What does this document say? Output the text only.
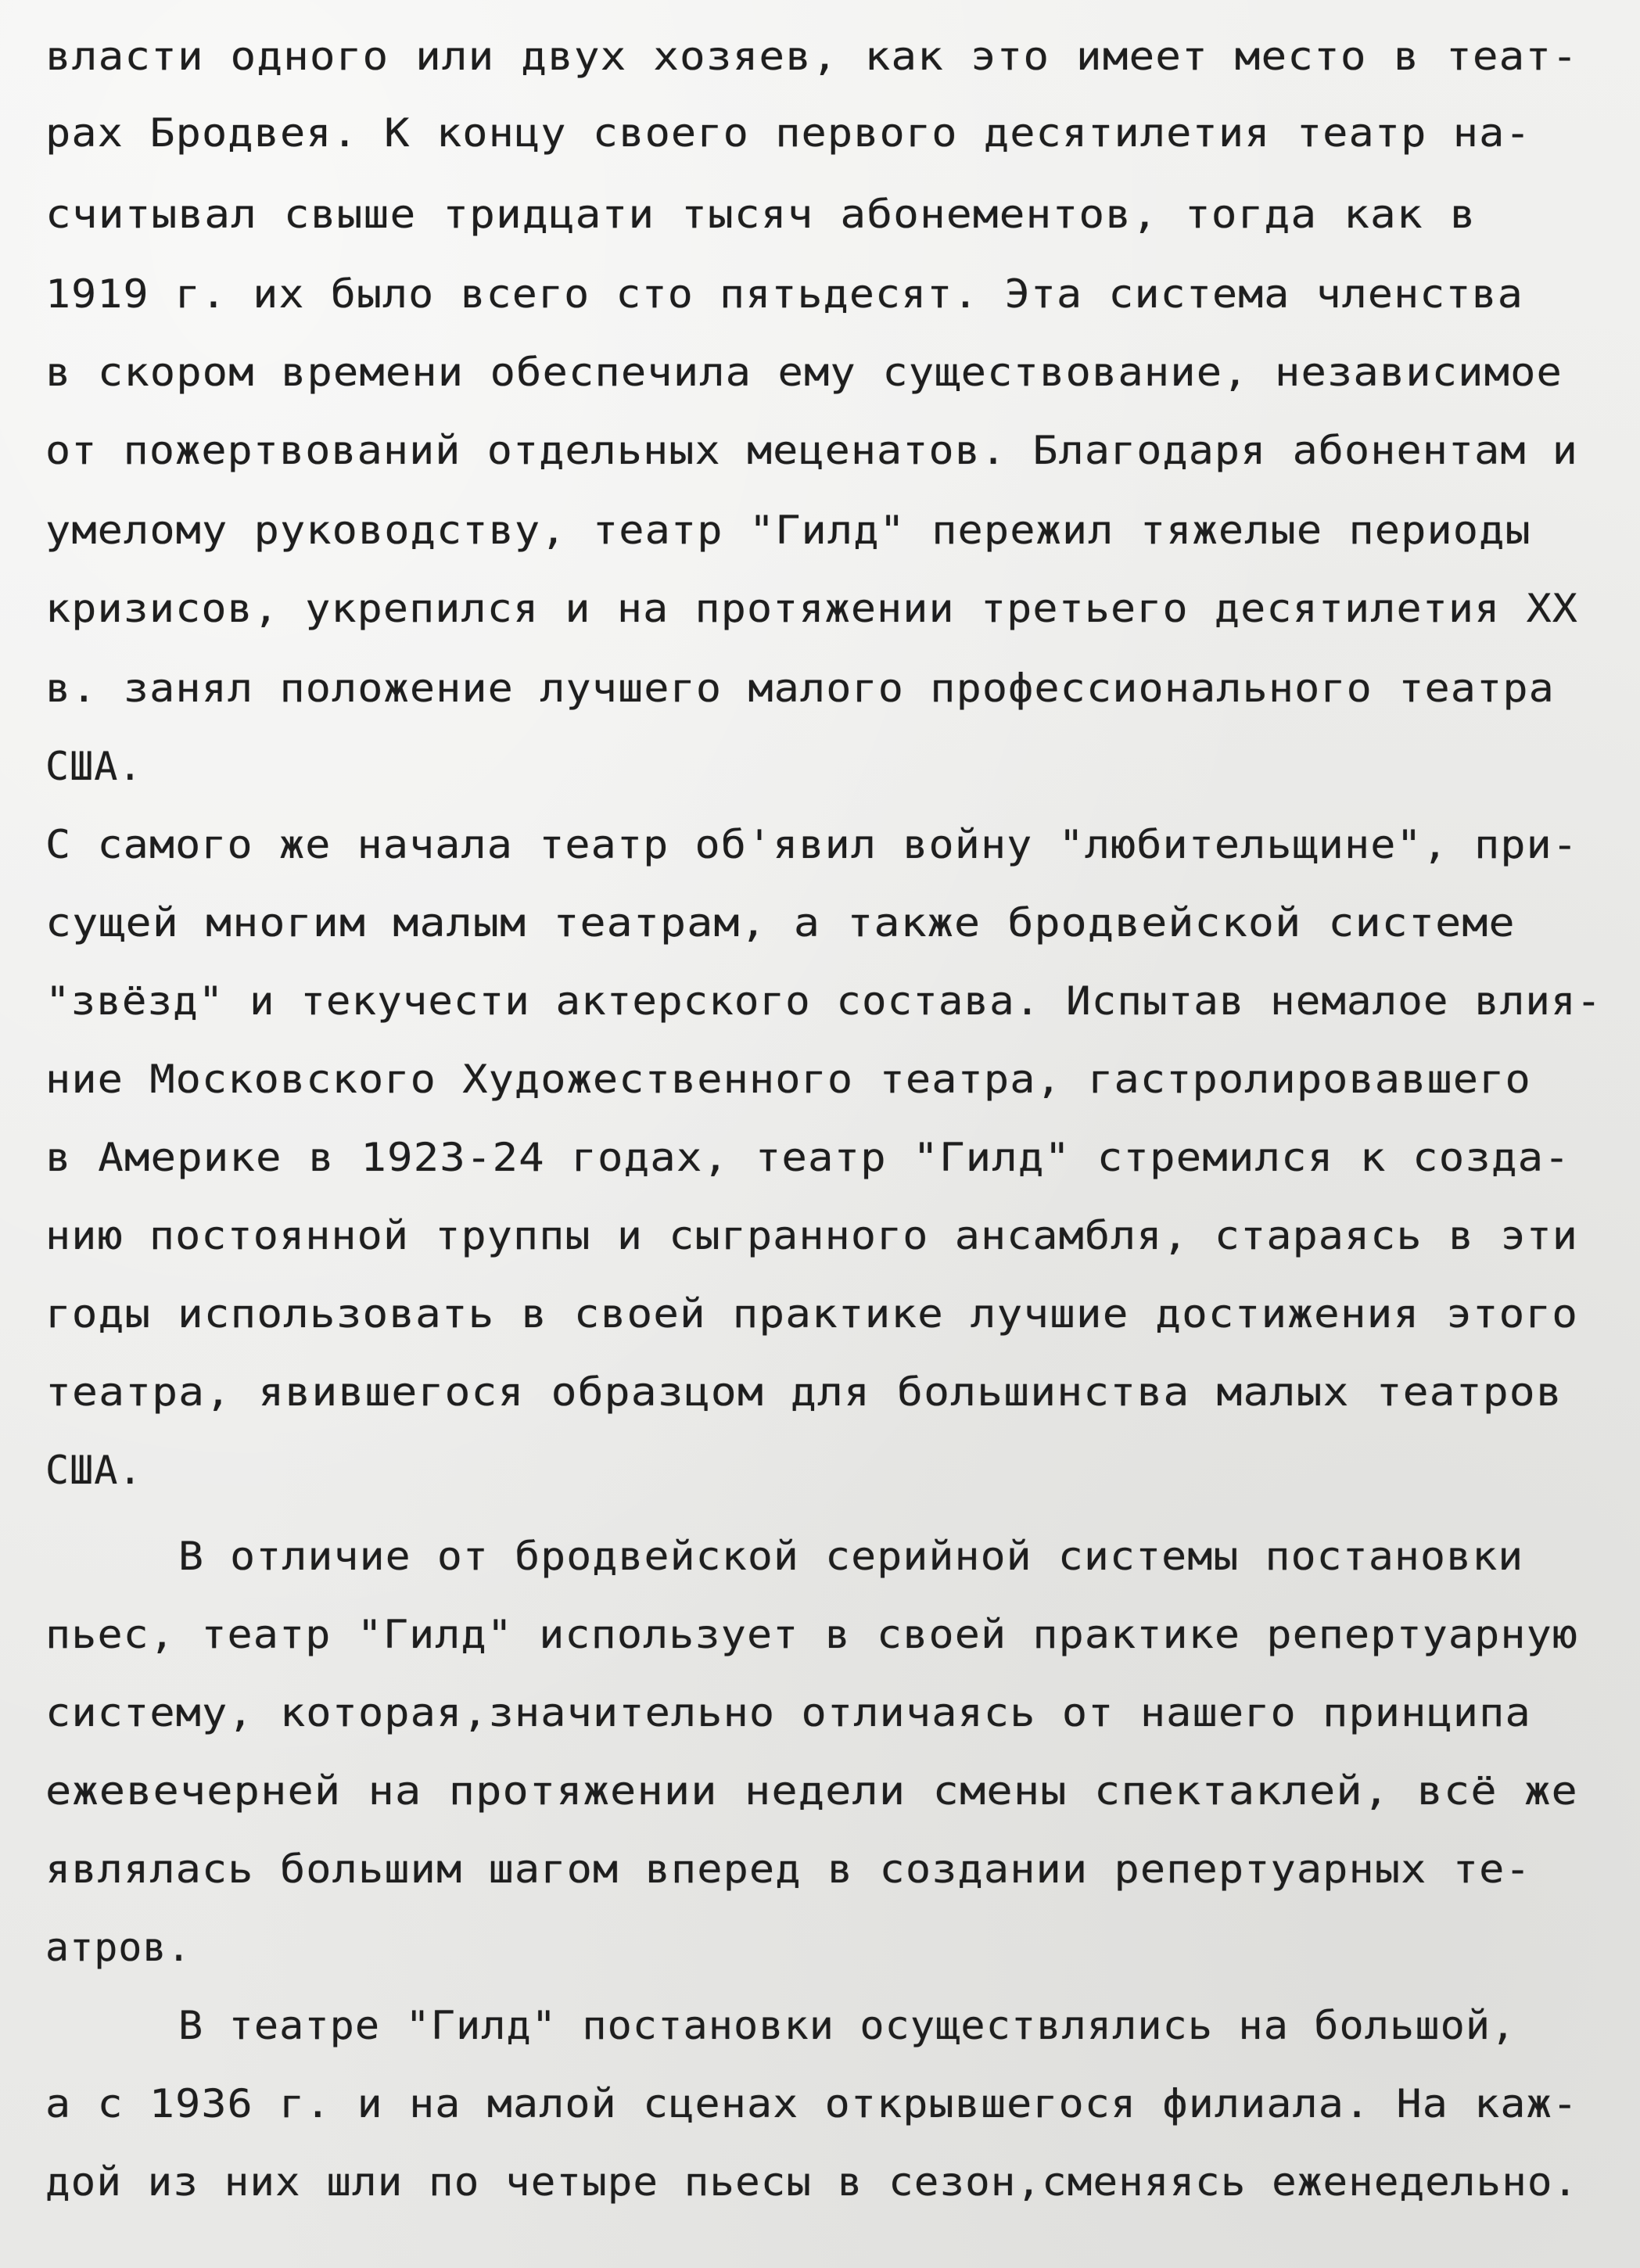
власти одного или двух хозяев, как это имеет место в теат-

рах Бродвея. К концу своего первого десятилетия театр на-

считывал свыше тридцати тысяч абонементов, тогда как в

1919 г. их было всего сто пятьдесят. Эта система членства

в скором времени обеспечила ему существование, независимое

от пожертвований отдельных меценатов. Благодаря абонентам и

умелому руководству, театр "Гилд" пережил тяжелые периоды

кризисов, укрепился и на протяжении третьего десятилетия XX

в. занял положение лучшего малого профессионального театра

США.

С самого же начала театр об'явил войну "любительщине", при-

сущей многим малым театрам, а также бродвейской системе

"звёзд" и текучести актерского состава. Испытав немалое влия-

ние Московского Художественного театра, гастролировавшего

в Америке в 1923-24 годах, театр "Гилд" стремился к созда-

нию постоянной труппы и сыгранного ансамбля, стараясь в эти

годы использовать в своей практике лучшие достижения этого

театра, явившегося образцом для большинства малых театров

США.

В отличие от бродвейской серийной системы постановки

пьес, театр "Гилд" использует в своей практике репертуарную

систему, которая,значительно отличаясь от нашего принципа

ежевечерней на протяжении недели смены спектаклей, всё же

являлась большим шагом вперед в создании репертуарных те-

атров.

В театре "Гилд" постановки осуществлялись на большой,

а с 1936 г. и на малой сценах открывшегося филиала. На каж-

дой из них шли по четыре пьесы в сезон,сменяясь еженедельно.
